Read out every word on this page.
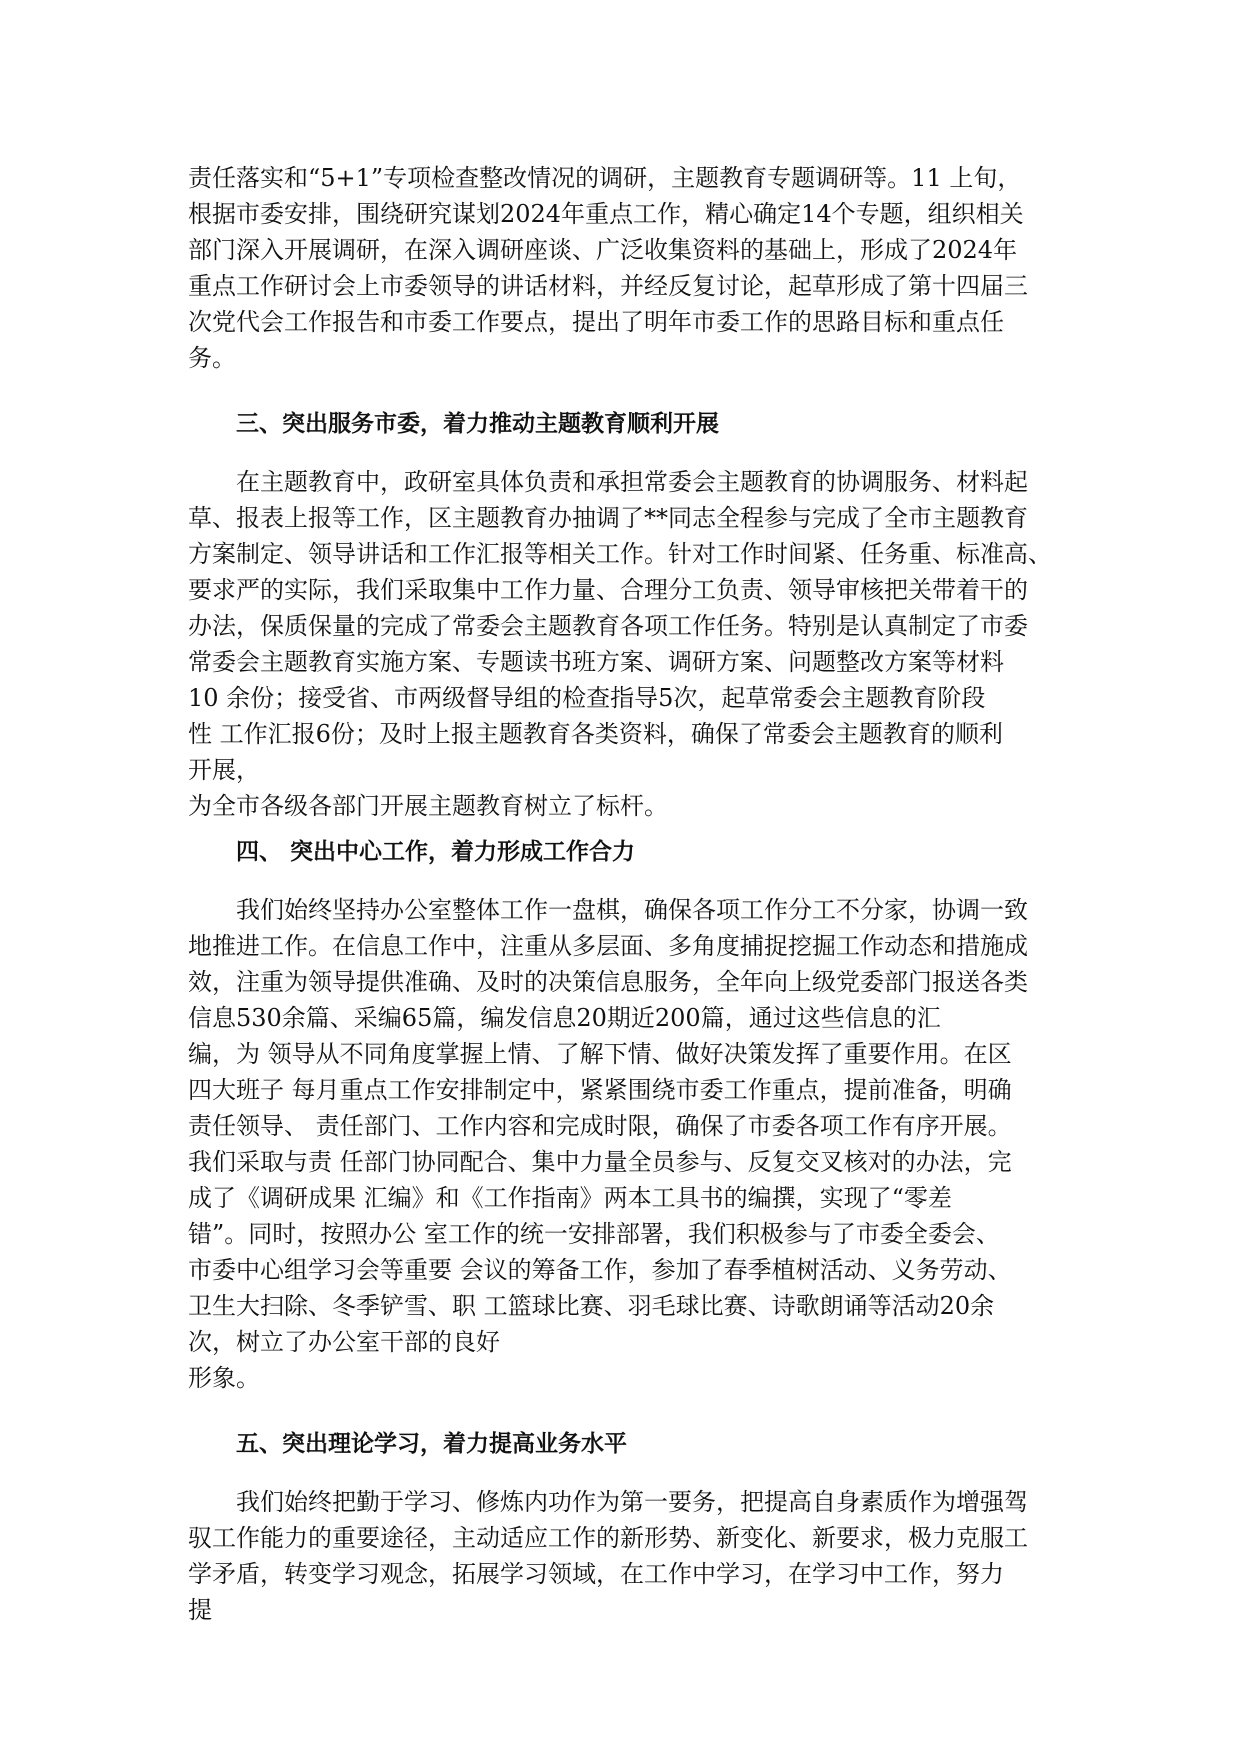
责任落实和“5+1”专项检查整改情况的调研，主题教育专题调研等。11 上旬，

根据市委安排，围绕研究谋划2024年重点工作，精心确定14个专题，组织相关

部门深入开展调研，在深入调研座谈、广泛收集资料的基础上，形成了2024年

重点工作研讨会上市委领导的讲话材料，并经反复讨论，起草形成了第十四届三

次党代会工作报告和市委工作要点，提出了明年市委工作的思路目标和重点任

务。

三、突出服务市委，着力推动主题教育顺利开展

在主题教育中，政研室具体负责和承担常委会主题教育的协调服务、材料起

草、报表上报等工作，区主题教育办抽调了**同志全程参与完成了全市主题教育

方案制定、领导讲话和工作汇报等相关工作。针对工作时间紧、任务重、标准高、

要求严的实际，我们采取集中工作力量、合理分工负责、领导审核把关带着干的

办法，保质保量的完成了常委会主题教育各项工作任务。特别是认真制定了市委

常委会主题教育实施方案、专题读书班方案、调研方案、问题整改方案等材料

10 余份；接受省、市两级督导组的检查指导5次，起草常委会主题教育阶段

性 工作汇报6份；及时上报主题教育各类资料，确保了常委会主题教育的顺利

开展，

为全市各级各部门开展主题教育树立了标杆。

四、 突出中心工作，着力形成工作合力

我们始终坚持办公室整体工作一盘棋，确保各项工作分工不分家，协调一致

地推进工作。在信息工作中，注重从多层面、多角度捕捉挖掘工作动态和措施成

效，注重为领导提供准确、及时的决策信息服务，全年向上级党委部门报送各类

信息530余篇、采编65篇，编发信息20期近200篇，通过这些信息的汇

编，为 领导从不同角度掌握上情、了解下情、做好决策发挥了重要作用。在区

四大班子 每月重点工作安排制定中，紧紧围绕市委工作重点，提前准备，明确

责任领导、 责任部门、工作内容和完成时限，确保了市委各项工作有序开展。

我们采取与责 任部门协同配合、集中力量全员参与、反复交叉核对的办法，完

成了《调研成果 汇编》和《工作指南》两本工具书的编撰，实现了“零差

错”。同时，按照办公 室工作的统一安排部署，我们积极参与了市委全委会、

市委中心组学习会等重要 会议的筹备工作，参加了春季植树活动、义务劳动、

卫生大扫除、冬季铲雪、职 工篮球比赛、羽毛球比赛、诗歌朗诵等活动20余

次，树立了办公室干部的良好

形象。

五、突出理论学习，着力提高业务水平

我们始终把勤于学习、修炼内功作为第一要务，把提高自身素质作为增强驾

驭工作能力的重要途径，主动适应工作的新形势、新变化、新要求，极力克服工

学矛盾，转变学习观念，拓展学习领域，在工作中学习，在学习中工作，努力

提
